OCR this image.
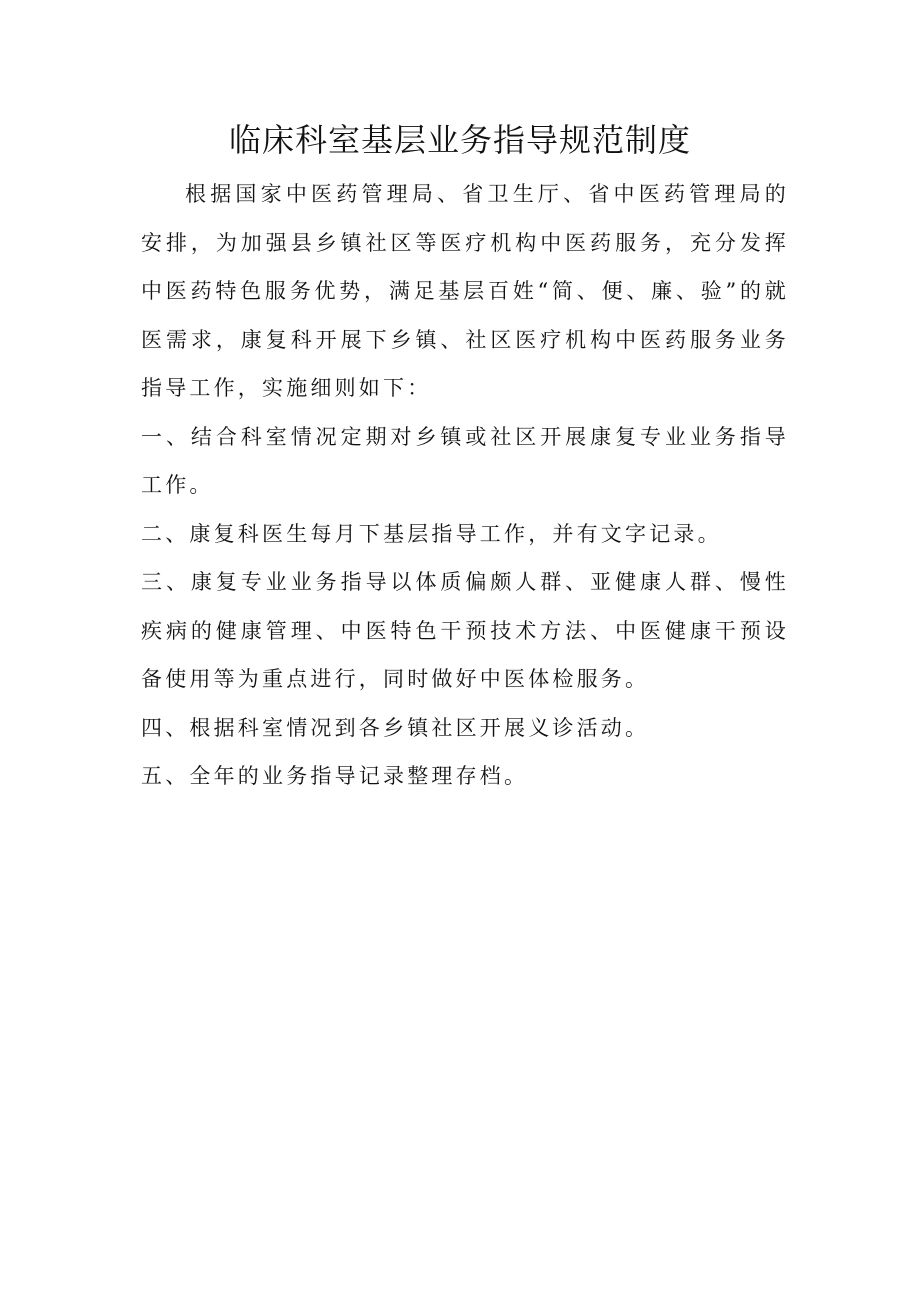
临床科室基层业务指导规范制度

根据国家中医药管理局、省卫生厅、省中医药管理局的安排，为加强县乡镇社区等医疗机构中医药服务，充分发挥中医药特色服务优势，满足基层百姓“简、便、廉、验”的就医需求，康复科开展下乡镇、社区医疗机构中医药服务业务指导工作，实施细则如下：

一、结合科室情况定期对乡镇或社区开展康复专业业务指导工作。

二、康复科医生每月下基层指导工作，并有文字记录。

三、康复专业业务指导以体质偏颇人群、亚健康人群、慢性疾病的健康管理、中医特色干预技术方法、中医健康干预设备使用等为重点进行，同时做好中医体检服务。

四、根据科室情况到各乡镇社区开展义诊活动。

五、全年的业务指导记录整理存档。
